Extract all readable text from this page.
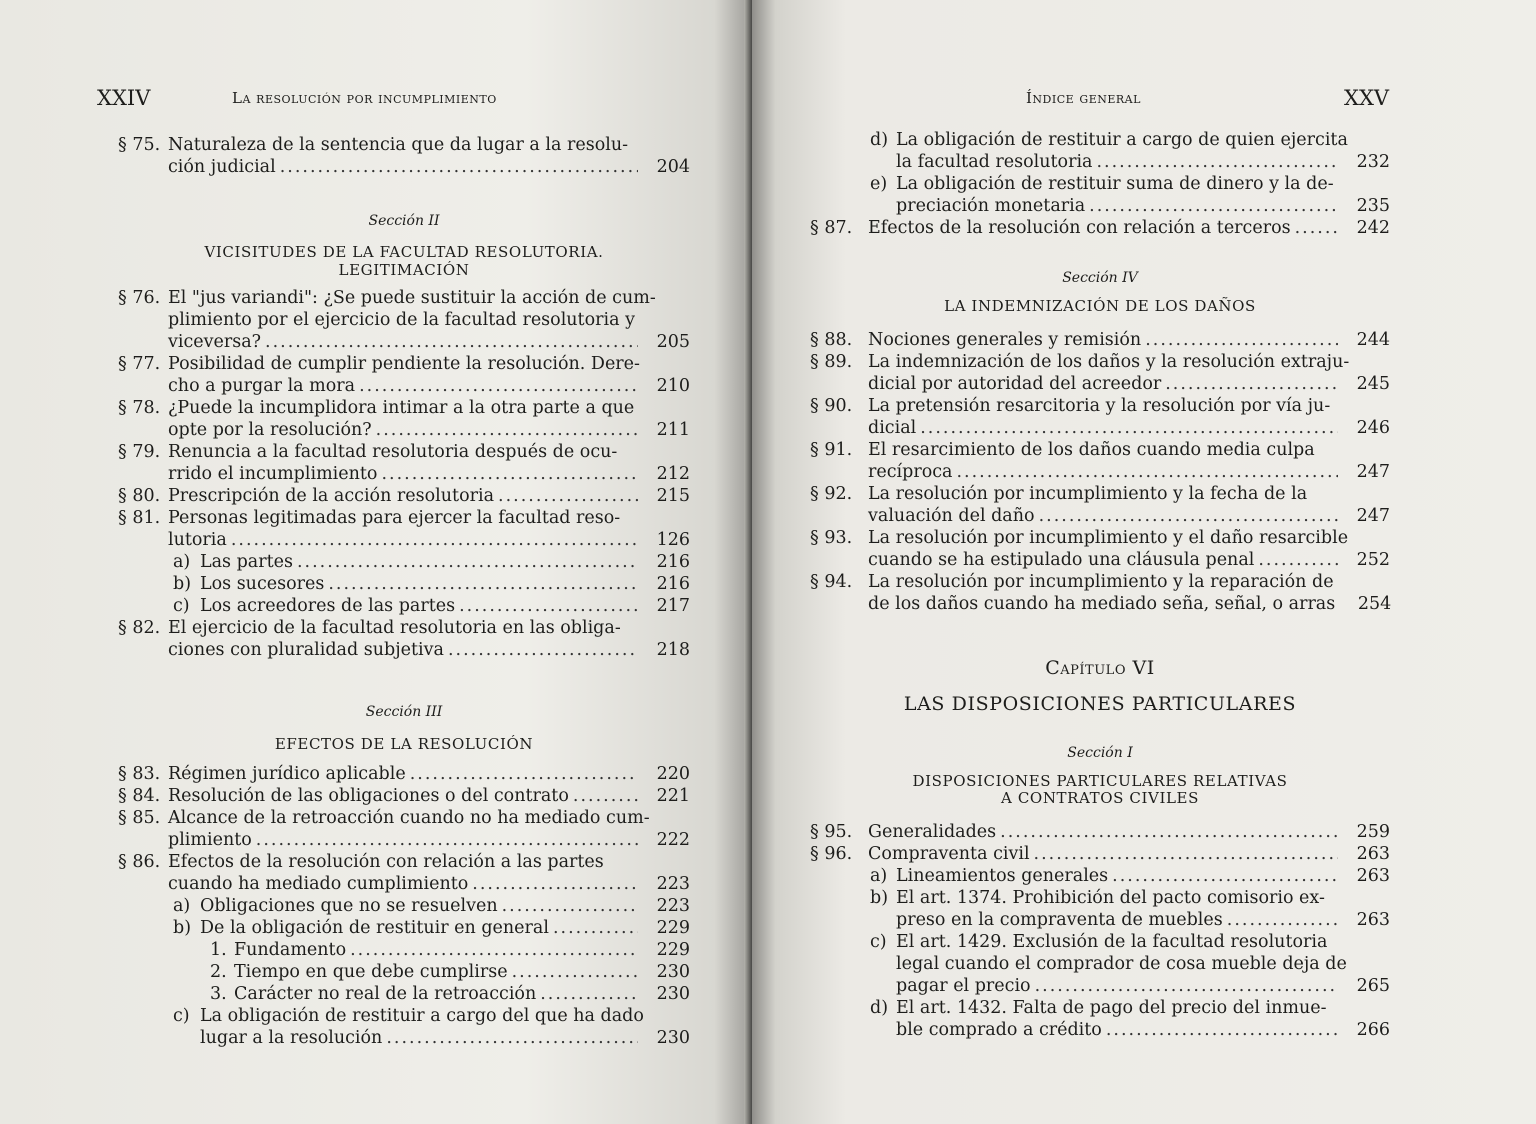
XXIV	La resolución por incumplimiento
§ 75. Naturaleza de la sentencia que da lugar a la resolu-
ción judicial .....	204
Sección II
VICISITUDES DE LA FACULTAD RESOLUTORIA.
LEGITIMACIÓN
§ 76. El "jus variandi": ¿Se puede sustituir la acción de cum-
plimiento por el ejercicio de la facultad resolutoria y
viceversa? .....	205
§ 77. Posibilidad de cumplir pendiente la resolución. Dere-
cho a purgar la mora .....	210
§ 78. ¿Puede la incumplidora intimar a la otra parte a que
opte por la resolución? .....	211
§ 79. Renuncia a la facultad resolutoria después de ocu-
rrido el incumplimiento .....	212
§ 80. Prescripción de la acción resolutoria .....	215
§ 81. Personas legitimadas para ejercer la facultad reso-
lutoria .....	126
a) Las partes .....	216
b) Los sucesores .....	216
c) Los acreedores de las partes .....	217
§ 82. El ejercicio de la facultad resolutoria en las obliga-
ciones con pluralidad subjetiva .....	218
Sección III
EFECTOS DE LA RESOLUCIÓN
§ 83. Régimen jurídico aplicable .....	220
§ 84. Resolución de las obligaciones o del contrato .....	221
§ 85. Alcance de la retroacción cuando no ha mediado cum-
plimiento .....	222
§ 86. Efectos de la resolución con relación a las partes
cuando ha mediado cumplimiento .....	223
a) Obligaciones que no se resuelven .....	223
b) De la obligación de restituir en general .....	229
1. Fundamento .....	229
2. Tiempo en que debe cumplirse .....	230
3. Carácter no real de la retroacción .....	230
c) La obligación de restituir a cargo del que ha dado
lugar a la resolución .....	230
Índice general	XXV
d) La obligación de restituir a cargo de quien ejercita
la facultad resolutoria .....	232
e) La obligación de restituir suma de dinero y la de-
preciación monetaria .....	235
§ 87. Efectos de la resolución con relación a terceros .....	242
Sección IV
LA INDEMNIZACIÓN DE LOS DAÑOS
§ 88. Nociones generales y remisión .....	244
§ 89. La indemnización de los daños y la resolución extraju-
dicial por autoridad del acreedor .....	245
§ 90. La pretensión resarcitoria y la resolución por vía ju-
dicial .....	246
§ 91. El resarcimiento de los daños cuando media culpa
recíproca .....	247
§ 92. La resolución por incumplimiento y la fecha de la
valuación del daño .....	247
§ 93. La resolución por incumplimiento y el daño resarcible
cuando se ha estipulado una cláusula penal .....	252
§ 94. La resolución por incumplimiento y la reparación de
de los daños cuando ha mediado seña, señal, o arras	254
Capítulo VI
LAS DISPOSICIONES PARTICULARES
Sección I
DISPOSICIONES PARTICULARES RELATIVAS
A CONTRATOS CIVILES
§ 95. Generalidades .....	259
§ 96. Compraventa civil .....	263
a) Lineamientos generales .....	263
b) El art. 1374. Prohibición del pacto comisorio ex-
preso en la compraventa de muebles .....	263
c) El art. 1429. Exclusión de la facultad resolutoria
legal cuando el comprador de cosa mueble deja de
pagar el precio .....	265
d) El art. 1432. Falta de pago del precio del inmue-
ble comprado a crédito .....	266
